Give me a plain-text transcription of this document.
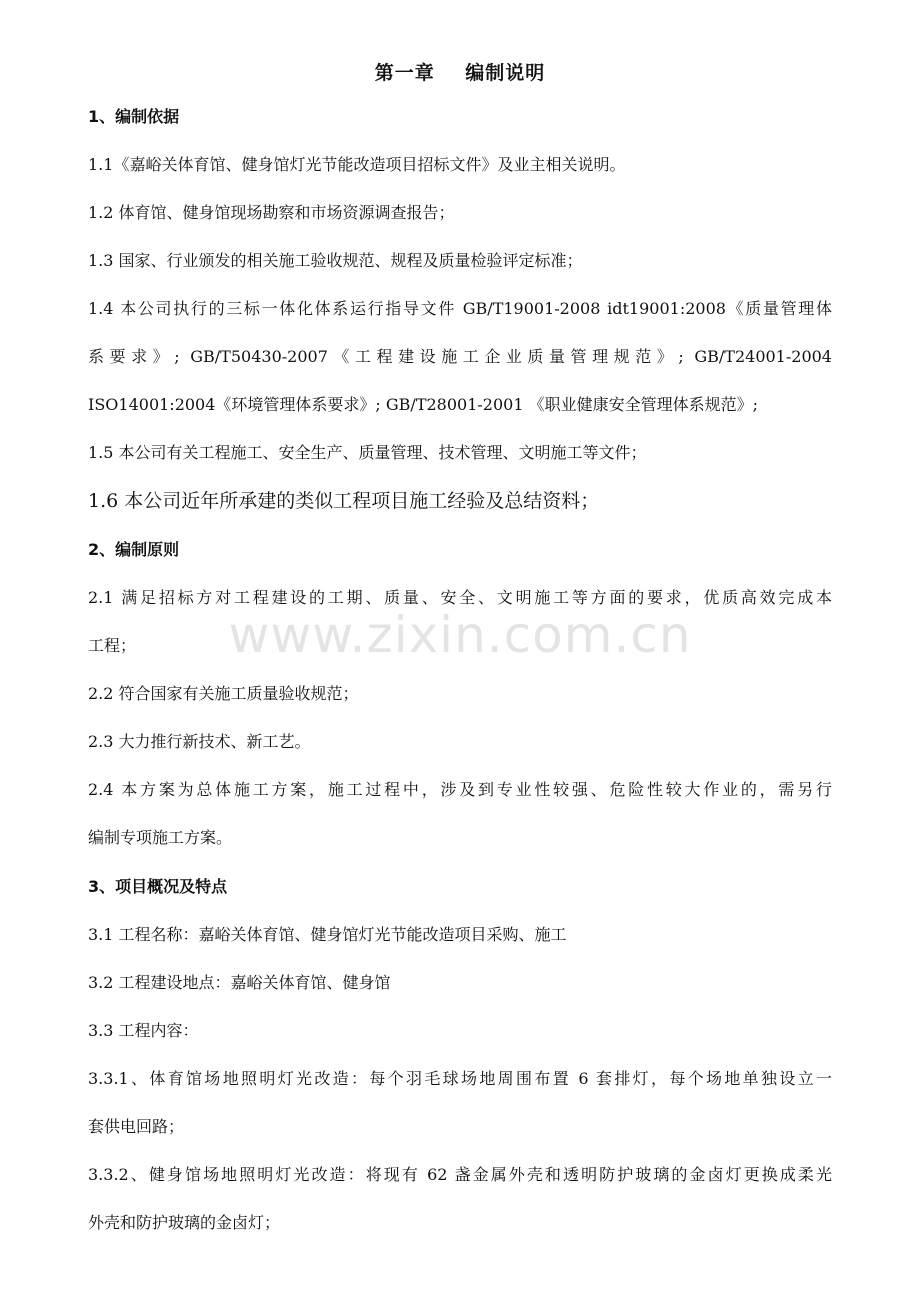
第一章    编制说明
www.zixin.com.cn
1、编制依据
1.1《嘉峪关体育馆、健身馆灯光节能改造项目招标文件》及业主相关说明。
1.2 体育馆、健身馆现场勘察和市场资源调查报告；
1.3 国家、行业颁发的相关施工验收规范、规程及质量检验评定标准；
1.4 本公司执行的三标一体化体系运行指导文件 GB/T19001-2008 idt19001:2008《质量管理体
系要求》; GB/T50430-2007《工程建设施工企业质量管理规范》; GB/T24001-2004
ISO14001:2004《环境管理体系要求》; GB/T28001-2001 《职业健康安全管理体系规范》;
1.5 本公司有关工程施工、安全生产、质量管理、技术管理、文明施工等文件；
1.6 本公司近年所承建的类似工程项目施工经验及总结资料；
2、编制原则
2.1 满足招标方对工程建设的工期、质量、安全、文明施工等方面的要求，优质高效完成本
工程；
2.2 符合国家有关施工质量验收规范；
2.3 大力推行新技术、新工艺。
2.4 本方案为总体施工方案，施工过程中，涉及到专业性较强、危险性较大作业的，需另行
编制专项施工方案。
3、项目概况及特点
3.1 工程名称：嘉峪关体育馆、健身馆灯光节能改造项目采购、施工
3.2 工程建设地点：嘉峪关体育馆、健身馆
3.3 工程内容：
3.3.1、体育馆场地照明灯光改造：每个羽毛球场地周围布置 6 套排灯，每个场地单独设立一
套供电回路；
3.3.2、健身馆场地照明灯光改造：将现有 62 盏金属外壳和透明防护玻璃的金卤灯更换成柔光
外壳和防护玻璃的金卤灯；
